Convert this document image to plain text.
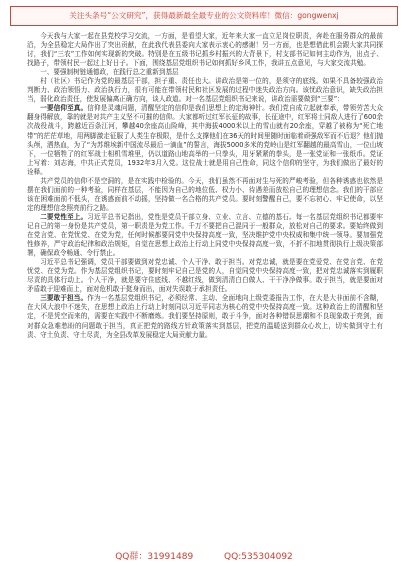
关注头条号“公文研究”，获得最新最全最专业的公文资料库！微信：gongwenxj

今天我与大家一起在县党校学习交流，一方面，是看望大家，近年来大家一直立足岗位职责，奔赴在服务群众的最前沿，为全县稳定大局作出了突出贡献，在此我代表县委向大家表示衷心的感谢！另一方面，也是想借此机会跟大家共同探讨，我们“三农”工作如何实现新的突破。特别是在五级书记抓乡村振兴的大背景下，村支部书记如何主动作为，出点子、找路子，带领村民一起过上好日子。下面，围绕基层党组织书记如何抓好乡风工作，我讲五点意见，与大家交流共勉。

一、要强制树链通德政，在践行总之重新到基层

村（社区）书记作为党的最基层干部，担子重、责任也大。讲政治是第一位的，是须守的底线。如果不具备较强政治判断力、政治领悟力、政治执行力，很有可能在带领村民和社区发展的过程中迷失政治方向。该忧政治意识，缺失政治担当，弱化政治责任，使发展偏离正确方向，谈人政道。对一名基层党组织书记来说，讲政治需要做到“三要”：

一要信仰至真。信仰是灵魂问题，清醒坚定的信仰是我们思想上的定海神针。我们党自成立起就奉承，带领劳苦大众翻身得解放，靠的就是对共产主义坚不可摧的信仰。大家都听过红军长征的故事，长征途中，红军将士同敌人进行了600余次战役战斗，跨越近百条江河，攀越40余座高山险峰，其中海拔4000米以上的雪山就有20余座，穿越了被称为“死亡地带”的茫茫草地，用两脚激走征服了人类生存极限，是什么支撑他们在36天的时间里随时面临着顽强敌军而不后退？他们抛头颅，洒热血，为了“为苏维埃新中国流尽最后一滴血”的誓言，海拔5000多米的党岭山是红军翻越的最高雪山，一位山坡下，一位牺牲了的红军战士相机雪堆里，仍以道路山地高举的一只拳头，用牙紧紧的拳头，是一张党证和一张纸币。党证上写着：刘志海，中共正式党员，1932年3月入党。这位战士就是用自己性命，同这个信仰的坚守，为我们做出了最好的诠释。

共产党员的信仰不是空洞的，是在实践中检验的。今天，我们虽然不再面对生与死的严峻考验，但各种诱惑也依然是摆在我们面前的一种考验，同样在基层，不能因为自己的地位低、权力小、待遇差而放松自己的理想信念。我们的干部应该在困难面前不低头，在诱惑面前不动摇，坚持做一名合格的共产党员。要时刻警醒自己，要不忘初心、牢记使命，以坚定的理想信念照亮前行之路。

二要党性至上。习近平总书记指出，党性是党员干部立身、立业、立言、立德的基石。每一名基层党组织书记都要牢记自己的第一身份是共产党员，第一职责是为党工作。千万不要把自己混同于一般群众，放松对自己的要求。要始终做到在党言党、在党忧党、在党为党，任何时候都要同党中央保持高度一致，坚决维护党中央权威和集中统一领导。要加强党性修养，严守政治纪律和政治规矩，自觉在思想上政治上行动上同党中央保持高度一致，不折不扣地贯彻执行上级决策部署，确保政令畅通、令行禁止。

习近平总书记强调，党员干部要做到对党忠诚、个人干净、敢于担当。对党忠诚，就是要在党爱党、在党言党、在党忧党、在党为党。作为基层党组织书记，要时刻牢记自己是党的人，自觉同党中央保持高度一致，把对党忠诚落实到履职尽责的具体行动上。个人干净，就是要守住底线、不越红线，做到清清白白做人、干干净净做事。敢于担当，就是要面对矛盾敢于迎难而上，面对危机敢于挺身而出，面对失误敢于承担责任。

三要敢于担当。作为一名基层党组织书记，必须经常、主动、全面地向上级党委报告工作，在大是大非面前不含糊，在大风大浪中不迷失，在思想上政治上行动上时刻同以习近平同志为核心的党中央保持高度一致。这种政治上的清醒和坚定，不是凭空而来的，需要在实践中不断磨炼。我们要坚持原则，敢于斗争，面对各种错误思潮和不良现象敢于亮剑，面对群众急难愁盼的问题敢于担当，真正把党的路线方针政策落实到基层，把党的温暖送到群众心坎上，切实做到守土有责、守土负责、守土尽责，为全县改革发展稳定大局贡献力量。

QQ群：31991489	QQ:535304092
